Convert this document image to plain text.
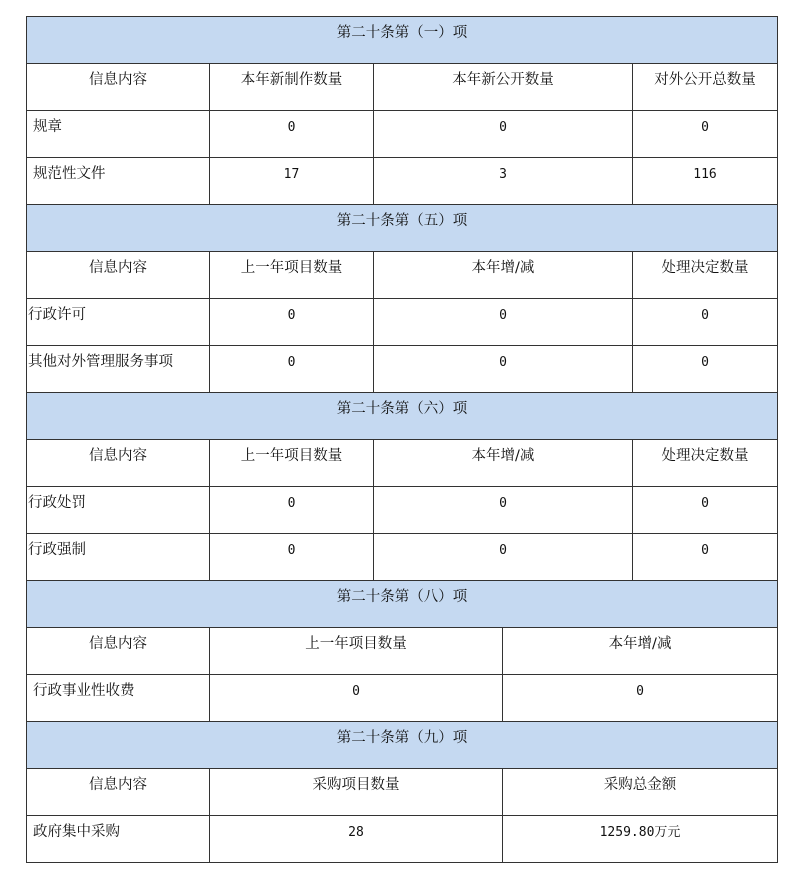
第二十条第（一）项				

信息内容	本年新制作数量	本年新公开数量		对外公开总数量

规章	0	0		0

规范性文件	17	3		116

第二十条第（五）项				

信息内容	上一年项目数量	本年增/减		处理决定数量

行政许可	0	0		0

其他对外管理服务事项	0	0		0

第二十条第（六）项				

信息内容	上一年项目数量	本年增/减		处理决定数量

行政处罚	0	0		0

行政强制	0	0		0

第二十条第（八）项				

信息内容	上一年项目数量		本年增/减	

行政事业性收费	0		0	

第二十条第（九）项				

信息内容	采购项目数量		采购总金额	

政府集中采购	28		1259.80万元	
